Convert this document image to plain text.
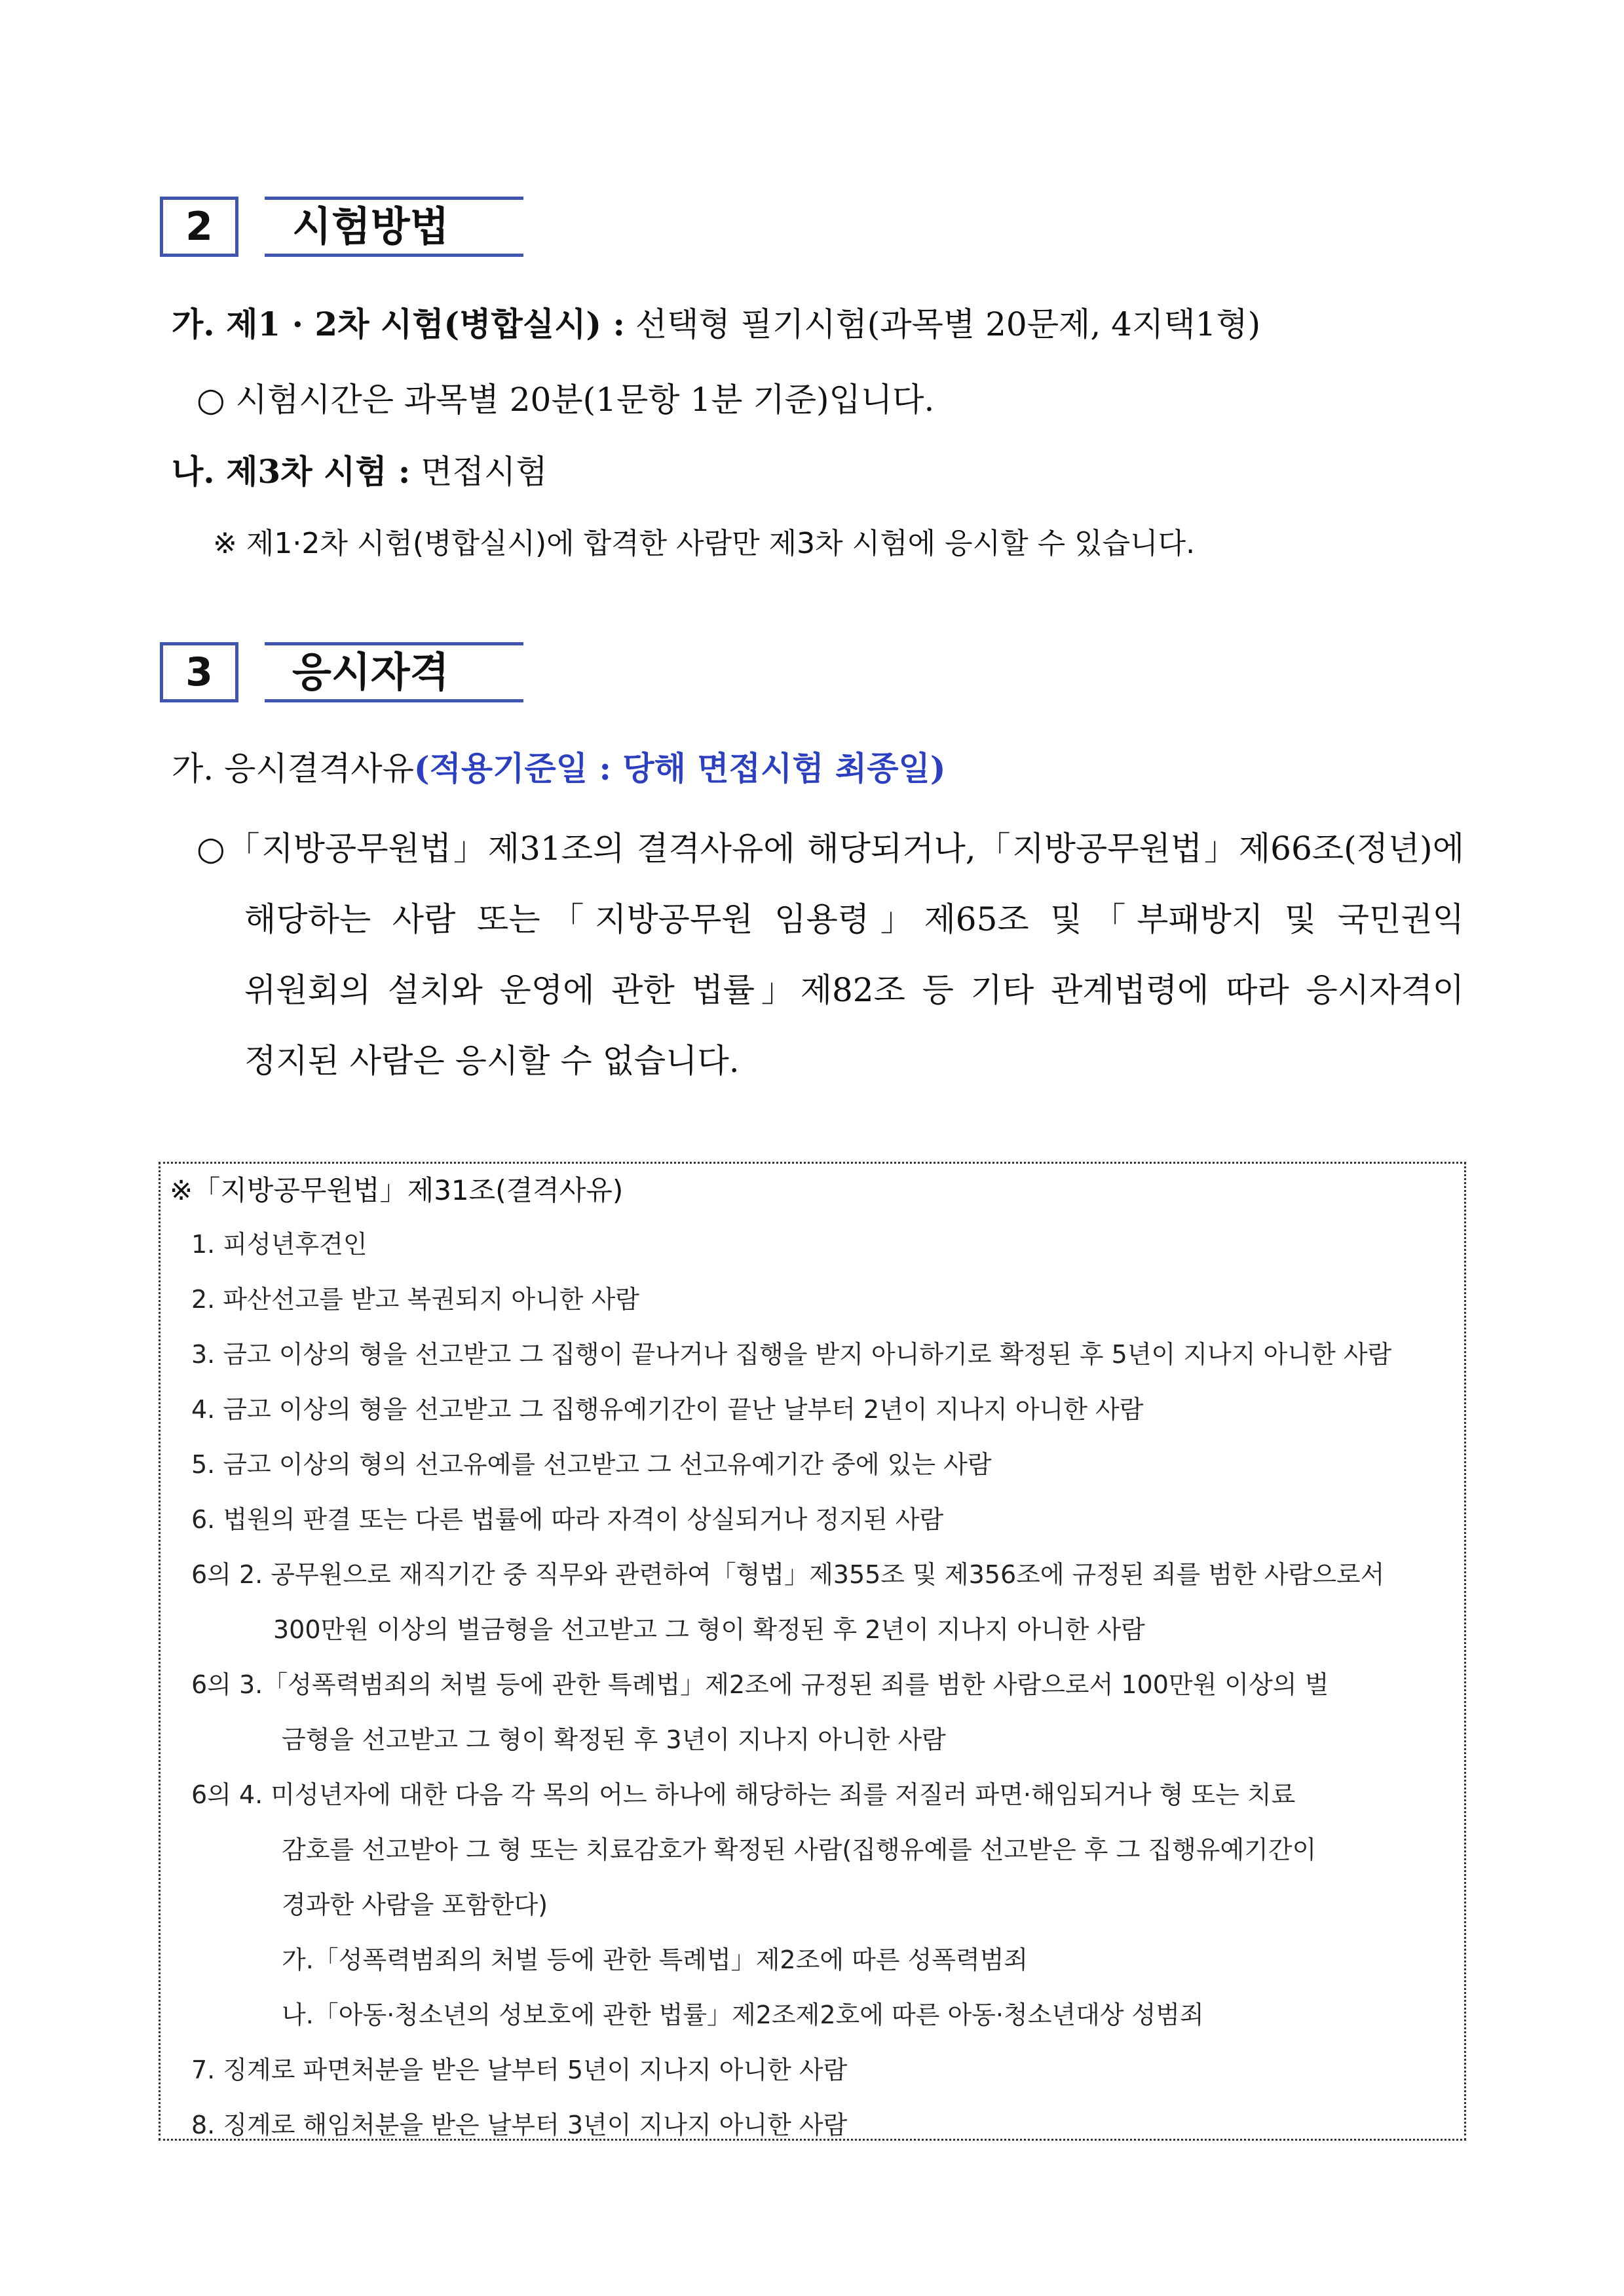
2	시험방법
가. 제1 · 2차 시험(병합실시) : 선택형 필기시험(과목별 20문제, 4지택1형)
○ 시험시간은 과목별 20분(1문항 1분 기준)입니다.
나. 제3차 시험 : 면접시험
※ 제1·2차 시험(병합실시)에 합격한 사람만 제3차 시험에 응시할 수 있습니다.
3	응시자격
가. 응시결격사유(적용기준일 : 당해 면접시험 최종일)
○「지방공무원법」제31조의 결격사유에 해당되거나,「지방공무원법」제66조(정년)에
해당하는 사람 또는「지방공무원 임용령」제65조 및「부패방지 및 국민권익
위원회의 설치와 운영에 관한 법률」제82조 등 기타 관계법령에 따라 응시자격이
정지된 사람은 응시할 수 없습니다.
※「지방공무원법」제31조(결격사유)
1. 피성년후견인
2. 파산선고를 받고 복권되지 아니한 사람
3. 금고 이상의 형을 선고받고 그 집행이 끝나거나 집행을 받지 아니하기로 확정된 후 5년이 지나지 아니한 사람
4. 금고 이상의 형을 선고받고 그 집행유예기간이 끝난 날부터 2년이 지나지 아니한 사람
5. 금고 이상의 형의 선고유예를 선고받고 그 선고유예기간 중에 있는 사람
6. 법원의 판결 또는 다른 법률에 따라 자격이 상실되거나 정지된 사람
6의 2. 공무원으로 재직기간 중 직무와 관련하여「형법」제355조 및 제356조에 규정된 죄를 범한 사람으로서
300만원 이상의 벌금형을 선고받고 그 형이 확정된 후 2년이 지나지 아니한 사람
6의 3.「성폭력범죄의 처벌 등에 관한 특례법」제2조에 규정된 죄를 범한 사람으로서 100만원 이상의 벌
금형을 선고받고 그 형이 확정된 후 3년이 지나지 아니한 사람
6의 4. 미성년자에 대한 다음 각 목의 어느 하나에 해당하는 죄를 저질러 파면·해임되거나 형 또는 치료
감호를 선고받아 그 형 또는 치료감호가 확정된 사람(집행유예를 선고받은 후 그 집행유예기간이
경과한 사람을 포함한다)
가.「성폭력범죄의 처벌 등에 관한 특례법」제2조에 따른 성폭력범죄
나.「아동·청소년의 성보호에 관한 법률」제2조제2호에 따른 아동·청소년대상 성범죄
7. 징계로 파면처분을 받은 날부터 5년이 지나지 아니한 사람
8. 징계로 해임처분을 받은 날부터 3년이 지나지 아니한 사람
